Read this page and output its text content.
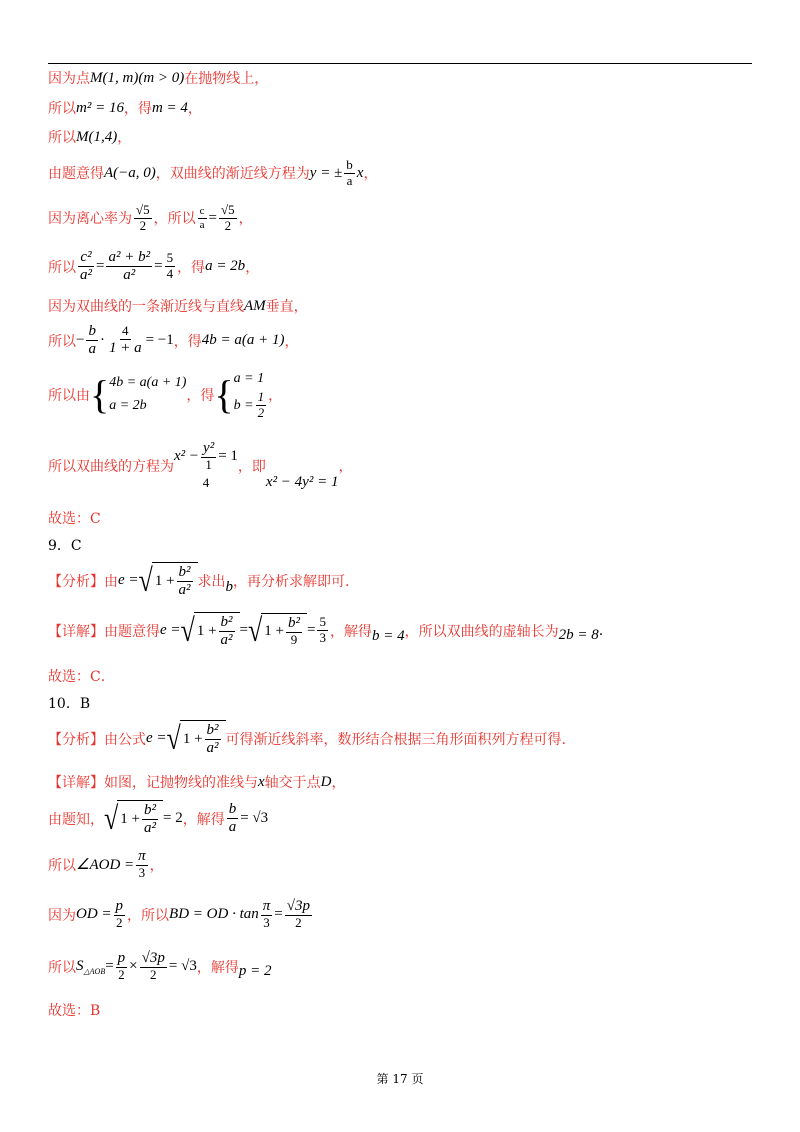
因为点 M(1, m)(m > 0) 在抛物线上，
所以 m² = 16 ，得 m = 4 ，
所以 M(1,4) ，
由题意得 A(−a, 0) ，双曲线的渐近线方程为 y = ± $\frac{b}{a}$ x ，
因为离心率为 $\frac{√5}{2}$ ，所以 $\frac{c}{a} = \frac{√5}{2}$ ，
所以 $\frac{\text{c²}}{\text{a²}} = \frac{\text{a² + b²}}{\text{a²}} = \frac{5}{4}$ ，得 a = 2b ，
因为双曲线的一条渐近线与直线 AM 垂直，
所以 − $\frac{b}{a} \cdot \frac{4}{1 + a} = -1$ ，得 4b = a(a + 1) ，
所以由 { 4b = a(a + 1)
a = 2b
，得 { a = 1
$b = \frac{1}{2}$ ，
所以双曲线的方程为
$x^2 - \frac{\text{y²}}{1} = 1$
4
，即
x² − 4y² = 1
，
故选：C
9．C
【分析】由 e = √ $1 + \frac{\text{b²}}{\text{a²}}$ 求出 b ，再分析求解即可.
【详解】由题意得 e = √ $1 + \frac{\text{b²}}{\text{a²}}$ = √ $1 + \frac{\text{b²}}{9} = \frac{5}{3}$ ，解得 b = 4 ，所以双曲线的虚轴长为 2b = 8 .
故选：C．
10．B
【分析】由公式 e = √ $1 + \frac{\text{b²}}{\text{a²}}$ 可得渐近线斜率，数形结合根据三角形面积列方程可得.
【详解】如图，记抛物线的准线与 x 轴交于点 D ，
由题知， √ $1 + \frac{\text{b²}}{\text{a²}} = 2$ ，解得 $\frac{b}{a} = √3$
所以 ∠AOD = $\frac{\pi}{3}$ ，
因为 OD = $\frac{p}{2}$ ，所以 BD = OD · $\tan \frac{\pi}{3} = \frac{√3p}{2}$
所以 $S_{\triangle AOB} = \frac{p}{2} \times \frac{√3p}{2} = √3$ ，解得 p = 2
故选：B
第 17 页
